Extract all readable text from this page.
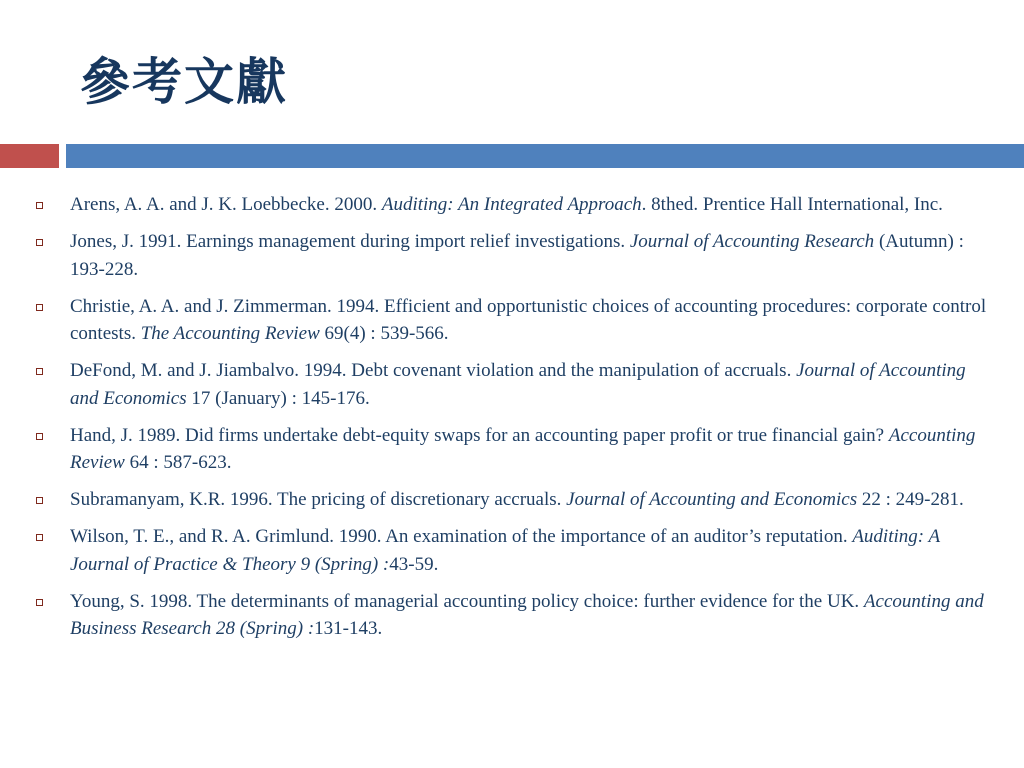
參考文獻
Arens, A. A. and J. K. Loebbecke. 2000. Auditing: An Integrated Approach. 8thed. Prentice Hall International, Inc.
Jones, J. 1991. Earnings management during import relief investigations. Journal of Accounting Research (Autumn) : 193-228.
Christie, A. A. and J. Zimmerman. 1994. Efficient and opportunistic choices of accounting procedures: corporate control contests. The Accounting Review 69(4) : 539-566.
DeFond, M. and J. Jiambalvo. 1994. Debt covenant violation and the manipulation of accruals. Journal of Accounting and Economics 17 (January) : 145-176.
Hand, J. 1989. Did firms undertake debt-equity swaps for an accounting paper profit or true financial gain? Accounting Review 64 : 587-623.
Subramanyam, K.R. 1996. The pricing of discretionary accruals. Journal of Accounting and Economics 22 : 249-281.
Wilson, T. E., and R. A. Grimlund. 1990. An examination of the importance of an auditor’s reputation. Auditing: A Journal of Practice & Theory 9 (Spring) :43-59.
Young, S. 1998. The determinants of managerial accounting policy choice: further evidence for the UK. Accounting and Business Research 28 (Spring) :131-143.
